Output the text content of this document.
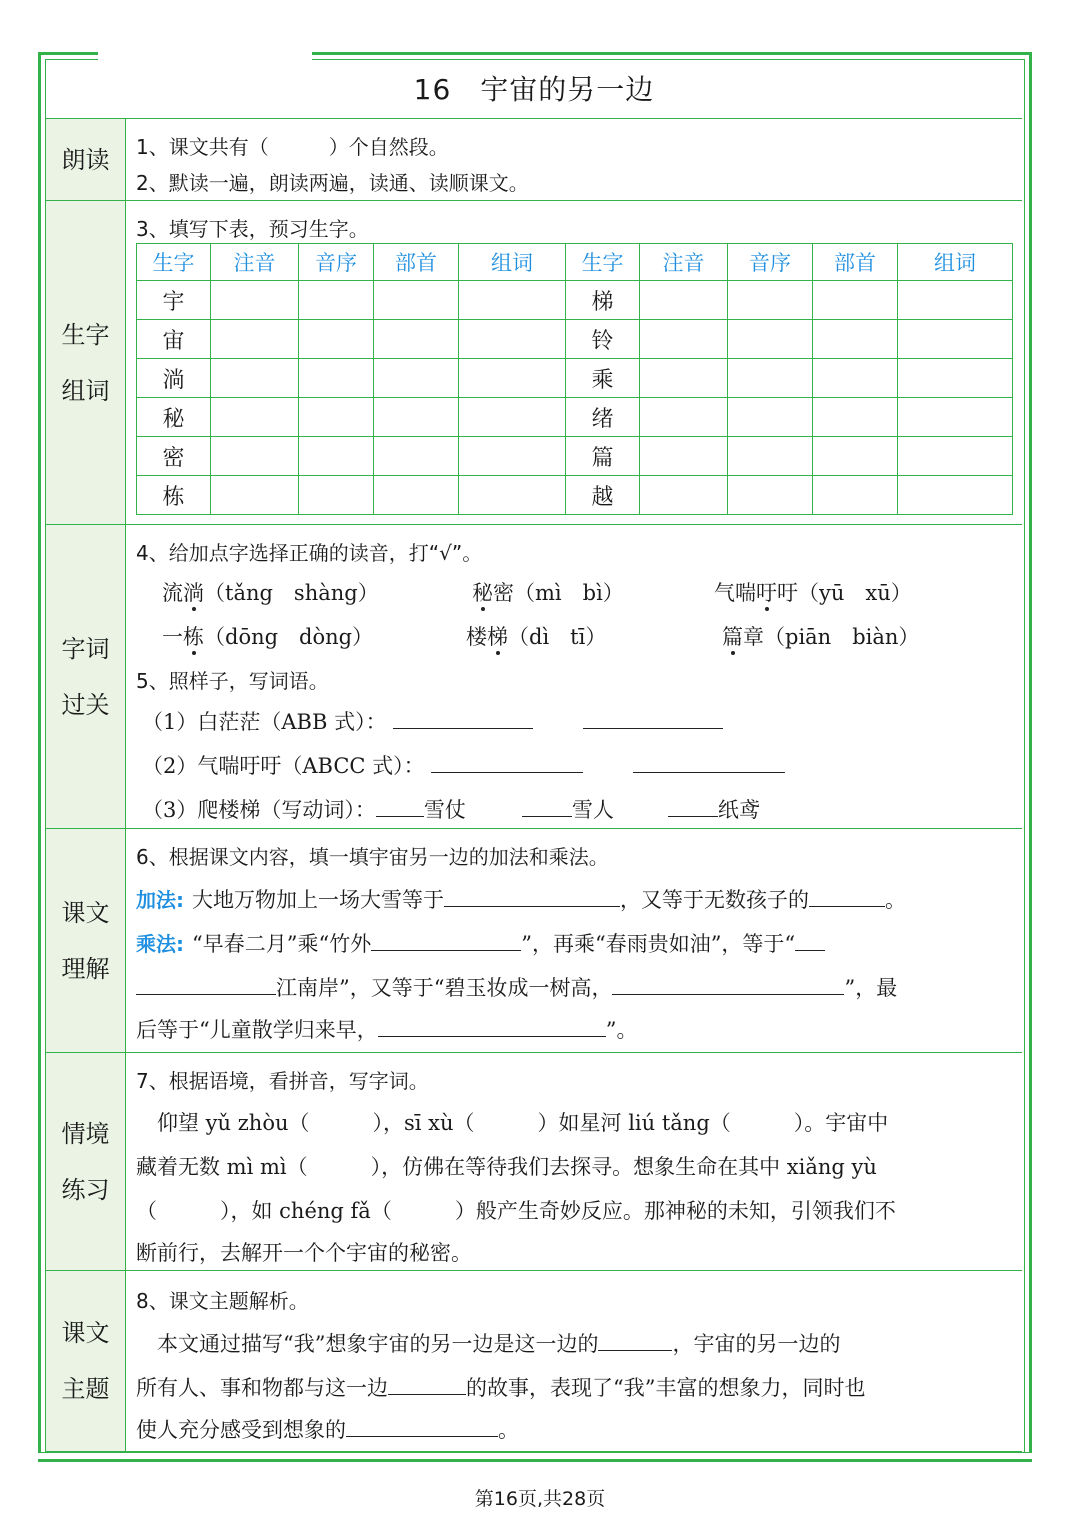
16　宇宙的另一边
朗读 1、课文共有（　　　）个自然段。
2、默读一遍，朗读两遍，读通、读顺课文。
生字
组词
3、填写下表，预习生字。
生字	注音	音序	部首	组词	生字	注音	音序	部首	组词
宇					梯				
宙					铃				
淌					乘				
秘					绪				
密					篇				
栋					越				
字词
过关
4、给加点字选择正确的读音，打“√”。
流淌（tǎng　shàng）	秘密（mì　bì）	气喘吁吁（yū　xū）
一栋（dōng　dòng）	楼梯（dì　tī）	篇章（piān　biàn）
5、照样子，写词语。
（1）白茫茫（ABB 式）：
（2）气喘吁吁（ABCC 式）：
（3）爬楼梯（写动词）： 雪仗	雪人	纸鸢
课文
理解
6、根据课文内容，填一填宇宙另一边的加法和乘法。
加法: 大地万物加上一场大雪等于	，又等于无数孩子的	。
乘法: “早春二月”乘“竹外	”，再乘“春雨贵如油”，等于“
江南岸”，又等于“碧玉妆成一树高，	”，最
后等于“儿童散学归来早，	”。
情境
练习
7、根据语境，看拼音，写字词。
　仰望 yǔ zhòu（　　　），sī xù（　　　）如星河 liú tǎng（　　　）。宇宙中
藏着无数 mì mì（　　　），仿佛在等待我们去探寻。想象生命在其中 xiǎng yù
（　　　），如 chéng fǎ（　　　）般产生奇妙反应。那神秘的未知，引领我们不
断前行，去解开一个个宇宙的秘密。
课文
主题
8、课文主题解析。
　本文通过描写“我”想象宇宙的另一边是这一边的	，宇宙的另一边的
所有人、事和物都与这一边	的故事，表现了“我”丰富的想象力，同时也
使人充分感受到想象的	。
第16页,共28页
